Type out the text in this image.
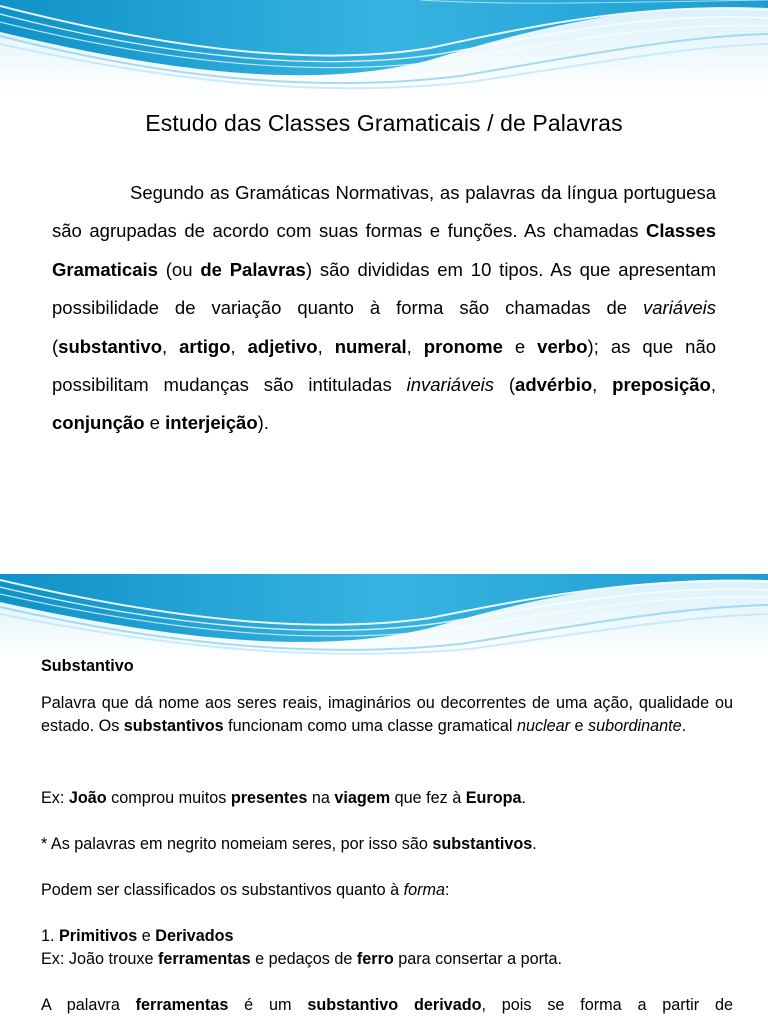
Estudo das Classes Gramaticais / de Palavras

Segundo as Gramáticas Normativas, as palavras da língua portuguesa são agrupadas de acordo com suas formas e funções. As chamadas Classes Gramaticais (ou de Palavras) são divididas em 10 tipos. As que apresentam possibilidade de variação quanto à forma são chamadas de variáveis (substantivo, artigo, adjetivo, numeral, pronome e verbo); as que não possibilitam mudanças são intituladas invariáveis (advérbio, preposição, conjunção e interjeição).

Substantivo

Palavra que dá nome aos seres reais, imaginários ou decorrentes de uma ação, qualidade ou estado. Os substantivos funcionam como uma classe gramatical nuclear e subordinante.

Ex: João comprou muitos presentes na viagem que fez à Europa.

* As palavras em negrito nomeiam seres, por isso são substantivos.

Podem ser classificados os substantivos quanto à forma:

1. Primitivos e Derivados

Ex: João trouxe ferramentas e pedaços de ferro para consertar a porta.

A palavra ferramentas é um substantivo derivado, pois se forma a partir de
